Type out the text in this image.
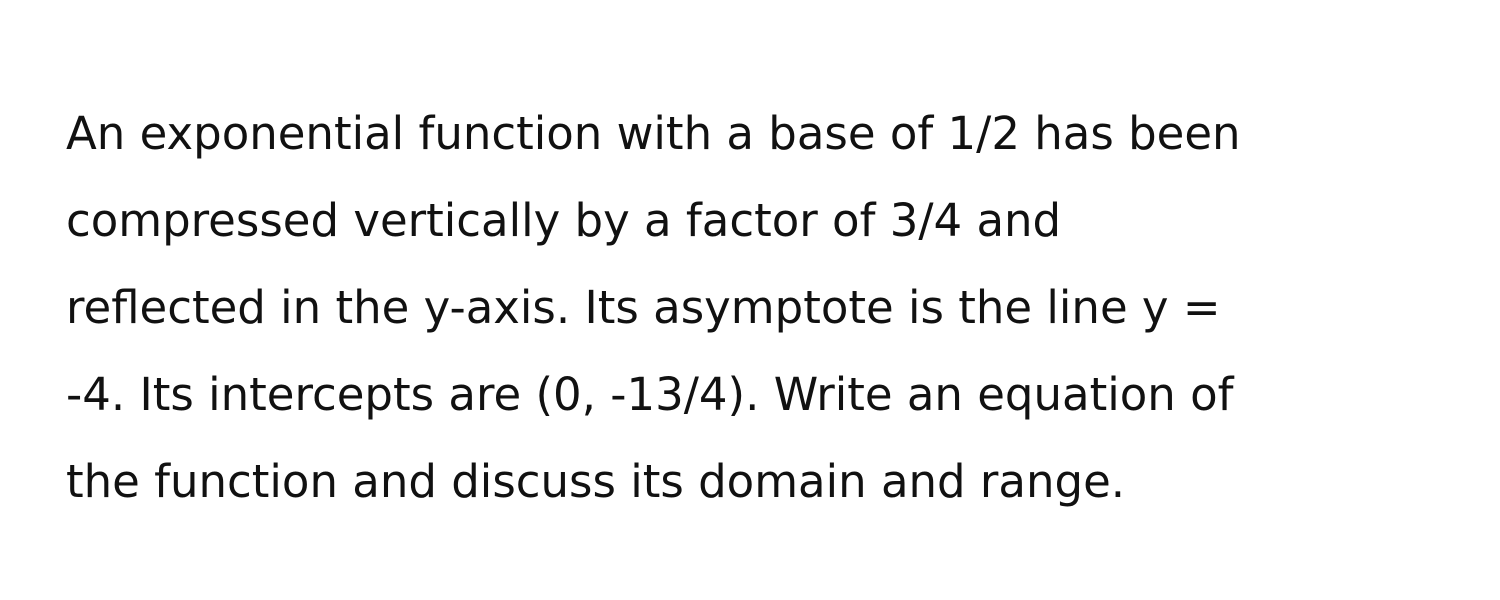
An exponential function with a base of 1/2 has been
compressed vertically by a factor of 3/4 and
reflected in the y-axis. Its asymptote is the line y =
-4. Its intercepts are (0, -13/4). Write an equation of
the function and discuss its domain and range.
